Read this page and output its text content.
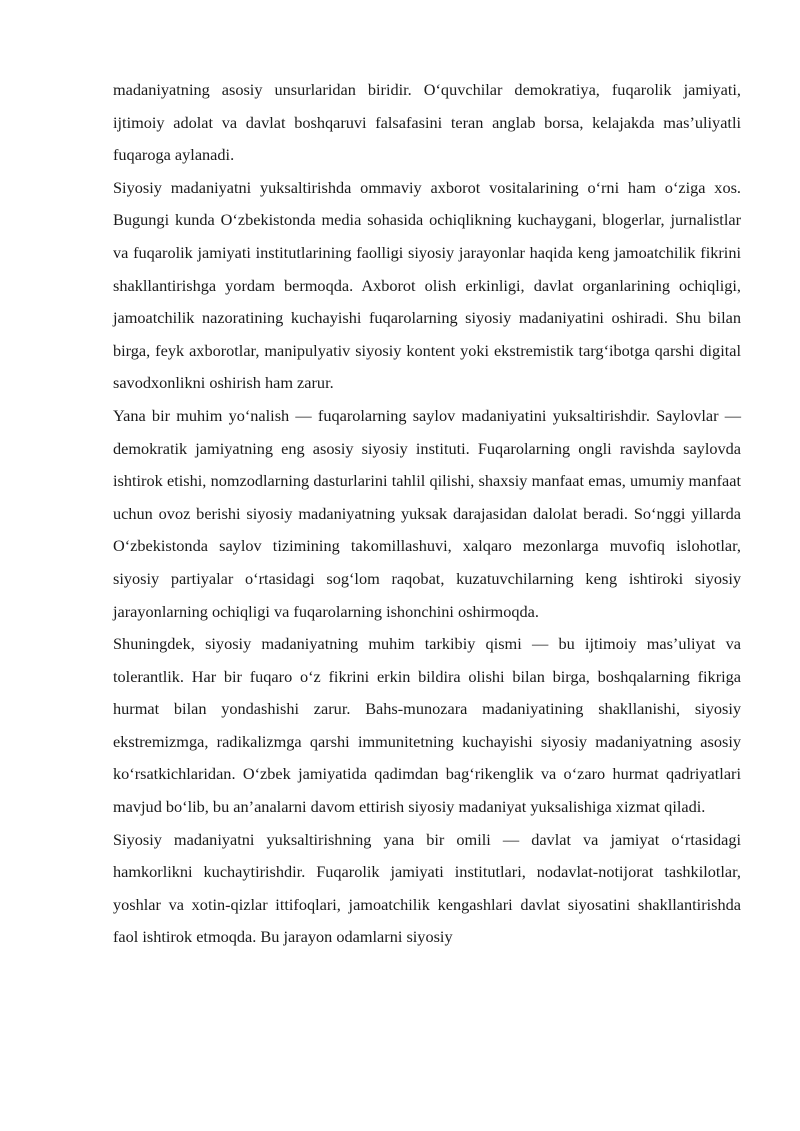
madaniyatning asosiy unsurlaridan biridir. O‘quvchilar demokratiya, fuqarolik jamiyati, ijtimoiy adolat va davlat boshqaruvi falsafasini teran anglab borsa, kelajakda mas’uliyatli fuqaroga aylanadi.

Siyosiy madaniyatni yuksaltirishda ommaviy axborot vositalarining o‘rni ham o‘ziga xos. Bugungi kunda O‘zbekistonda media sohasida ochiqlikning kuchaygani, blogerlar, jurnalistlar va fuqarolik jamiyati institutlarining faolligi siyosiy jarayonlar haqida keng jamoatchilik fikrini shakllantirishga yordam bermoqda. Axborot olish erkinligi, davlat organlarining ochiqligi, jamoatchilik nazoratining kuchayishi fuqarolarning siyosiy madaniyatini oshiradi. Shu bilan birga, feyk axborotlar, manipulyativ siyosiy kontent yoki ekstremistik targ‘ibotga qarshi digital savodxonlikni oshirish ham zarur.

Yana bir muhim yo‘nalish — fuqarolarning saylov madaniyatini yuksaltirishdir. Saylovlar — demokratik jamiyatning eng asosiy siyosiy instituti. Fuqarolarning ongli ravishda saylovda ishtirok etishi, nomzodlarning dasturlarini tahlil qilishi, shaxsiy manfaat emas, umumiy manfaat uchun ovoz berishi siyosiy madaniyatning yuksak darajasidan dalolat beradi. So‘nggi yillarda O‘zbekistonda saylov tizimining takomillashuvi, xalqaro mezonlarga muvofiq islohotlar, siyosiy partiyalar o‘rtasidagi sog‘lom raqobat, kuzatuvchilarning keng ishtiroki siyosiy jarayonlarning ochiqligi va fuqarolarning ishonchini oshirmoqda.

Shuningdek, siyosiy madaniyatning muhim tarkibiy qismi — bu ijtimoiy mas’uliyat va tolerantlik. Har bir fuqaro o‘z fikrini erkin bildira olishi bilan birga, boshqalarning fikriga hurmat bilan yondashishi zarur. Bahs-munozara madaniyatining shakllanishi, siyosiy ekstremizmga, radikalizmga qarshi immunitetning kuchayishi siyosiy madaniyatning asosiy ko‘rsatkichlaridan. O‘zbek jamiyatida qadimdan bag‘rikenglik va o‘zaro hurmat qadriyatlari mavjud bo‘lib, bu an’analarni davom ettirish siyosiy madaniyat yuksalishiga xizmat qiladi.

Siyosiy madaniyatni yuksaltirishning yana bir omili — davlat va jamiyat o‘rtasidagi hamkorlikni kuchaytirishdir. Fuqarolik jamiyati institutlari, nodavlat-notijorat tashkilotlar, yoshlar va xotin-qizlar ittifoqlari, jamoatchilik kengashlari davlat siyosatini shakllantirishda faol ishtirok etmoqda. Bu jarayon odamlarni siyosiy
